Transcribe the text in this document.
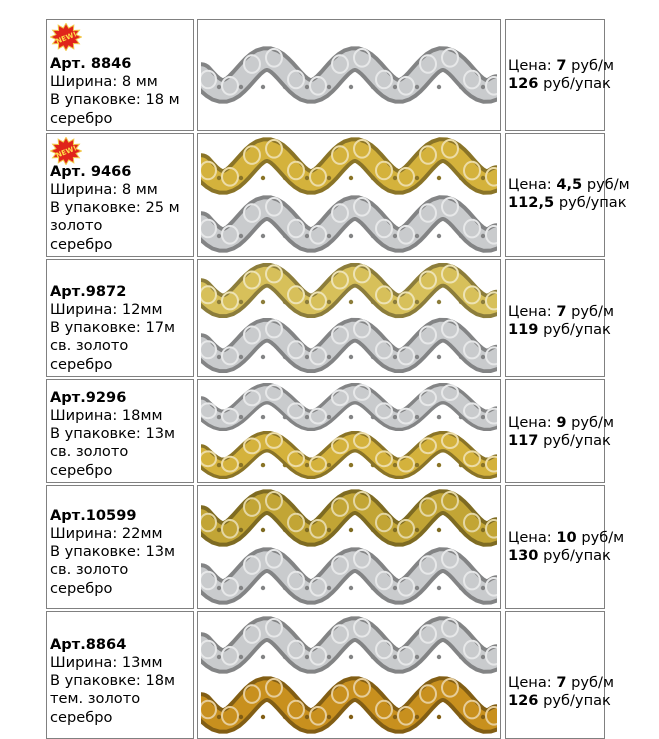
NEW!
Арт. 8846
Ширина: 8 мм
В упаковке: 18 м
серебро
Цена: 7 руб/м
126 руб/упак
NEW!
Арт. 9466
Ширина: 8 мм
В упаковке: 25 м
золото
серебро
Цена: 4,5 руб/м
112,5 руб/упак
Арт.9872
Ширина: 12мм
В упаковке: 17м
св. золото
серебро
Цена: 7 руб/м
119 руб/упак
Арт.9296
Ширина: 18мм
В упаковке: 13м
св. золото
серебро
Цена: 9 руб/м
117 руб/упак
Арт.10599
Ширина: 22мм
В упаковке: 13м
св. золото
серебро
Цена: 10 руб/м
130 руб/упак
Арт.8864
Ширина: 13мм
В упаковке: 18м
тем. золото
серебро
Цена: 7 руб/м
126 руб/упак
